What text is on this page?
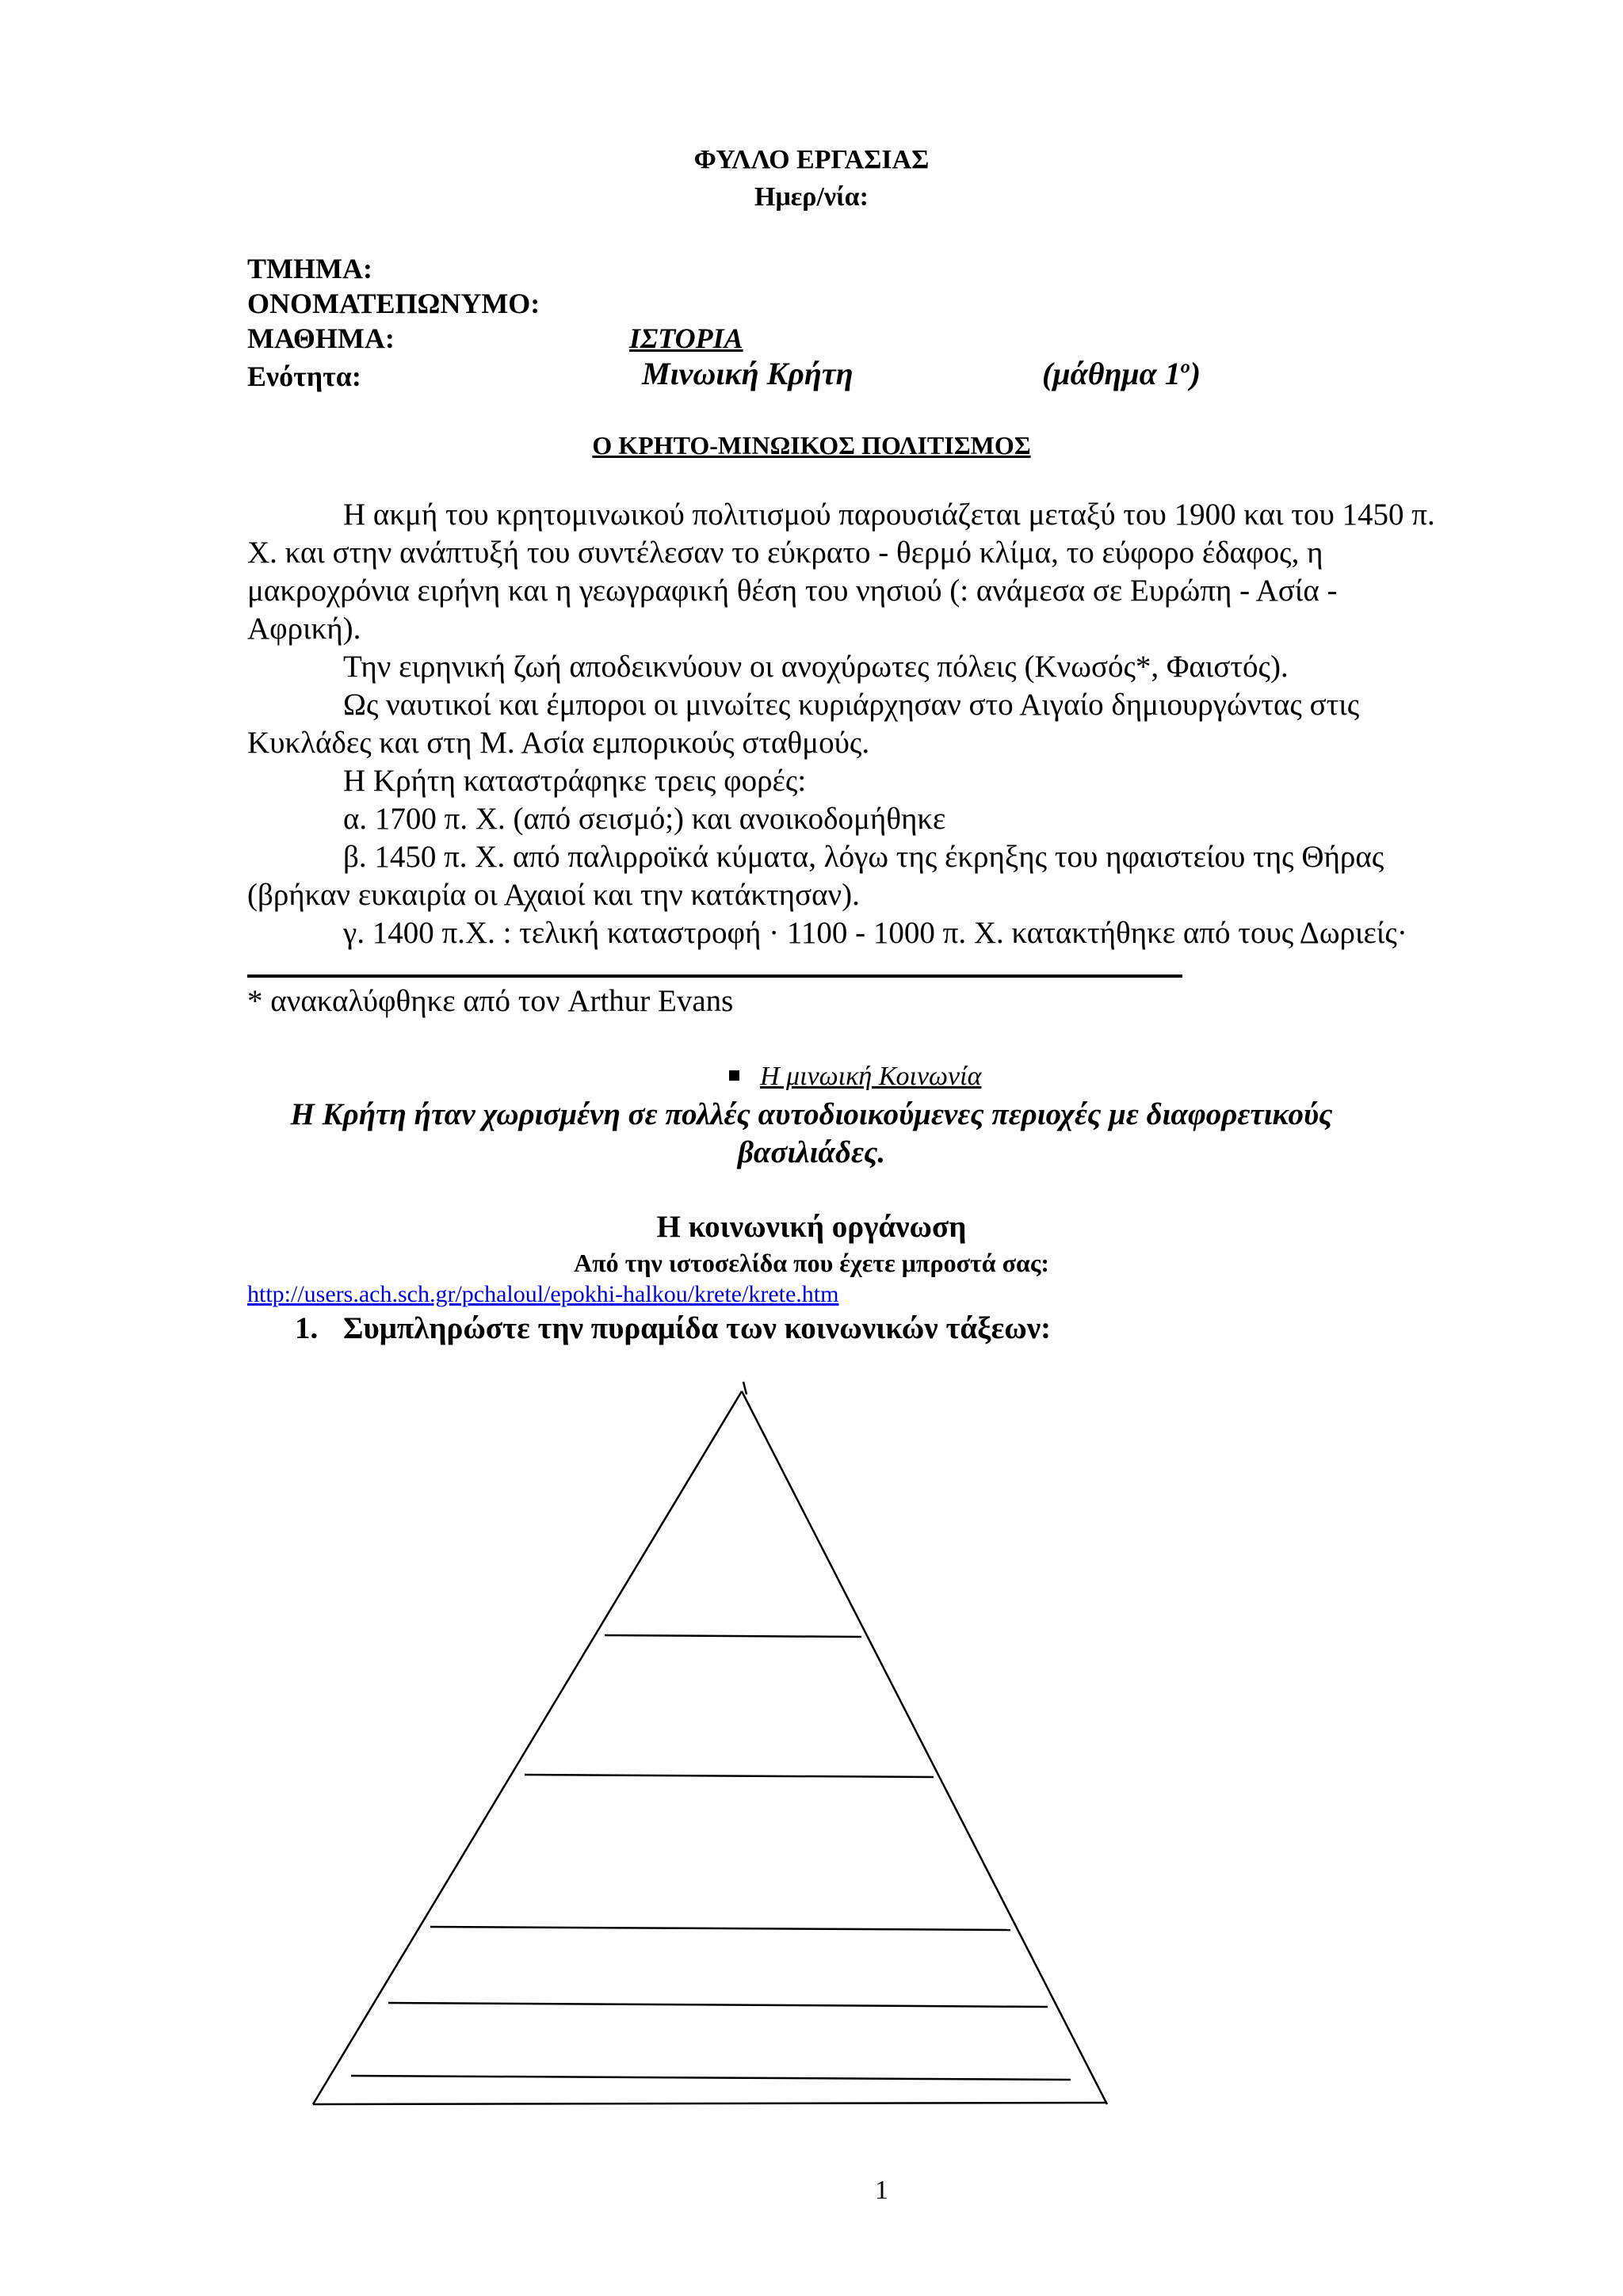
ΦΥΛΛΟ ΕΡΓΑΣΙΑΣ
Ημερ/νία:
ΤΜΗΜΑ:
ΟΝΟΜΑΤΕΠΩΝΥΜΟ:
ΜΑΘΗΜΑ:	ΙΣΤΟΡΙΑ
Ενότητα:	Μινωική Κρήτη	(μάθημα $1^o$)
Ο ΚΡΗΤΟ-ΜΙΝΩΙΚΟΣ ΠΟΛΙΤΙΣΜΟΣ
Η ακμή του κρητομινωικού πολιτισμού παρουσιάζεται μεταξύ του 1900 και του 1450 π.
Χ. και στην ανάπτυξή του συντέλεσαν το εύκρατο - θερμό κλίμα, το εύφορο έδαφος, η
μακροχρόνια ειρήνη και η γεωγραφική θέση του νησιού (: ανάμεσα σε Ευρώπη - Ασία -
Αφρική).
Την ειρηνική ζωή αποδεικνύουν οι ανοχύρωτες πόλεις (Κνωσός*, Φαιστός).
Ως ναυτικοί και έμποροι οι μινωίτες κυριάρχησαν στο Αιγαίο δημιουργώντας στις
Κυκλάδες και στη Μ. Ασία εμπορικούς σταθμούς.
Η Κρήτη καταστράφηκε τρεις φορές:
α. 1700 π. Χ. (από σεισμό;) και ανοικοδομήθηκε
β. 1450 π. Χ. από παλιρροϊκά κύματα, λόγω της έκρηξης του ηφαιστείου της Θήρας
(βρήκαν ευκαιρία οι Αχαιοί και την κατάκτησαν).
γ. 1400 π.Χ. : τελική καταστροφή · 1100 - 1000 π. Χ. κατακτήθηκε από τους Δωριείς·
* ανακαλύφθηκε από τον Arthur Evans
Η μινωική Κοινωνία
Η Κρήτη ήταν χωρισμένη σε πολλές αυτοδιοικούμενες περιοχές με διαφορετικούς
βασιλιάδες.
Η κοινωνική οργάνωση
Από την ιστοσελίδα που έχετε μπροστά σας:
http://users.ach.sch.gr/pchaloul/epokhi-halkou/krete/krete.htm
1. Συμπληρώστε την πυραμίδα των κοινωνικών τάξεων:
1
